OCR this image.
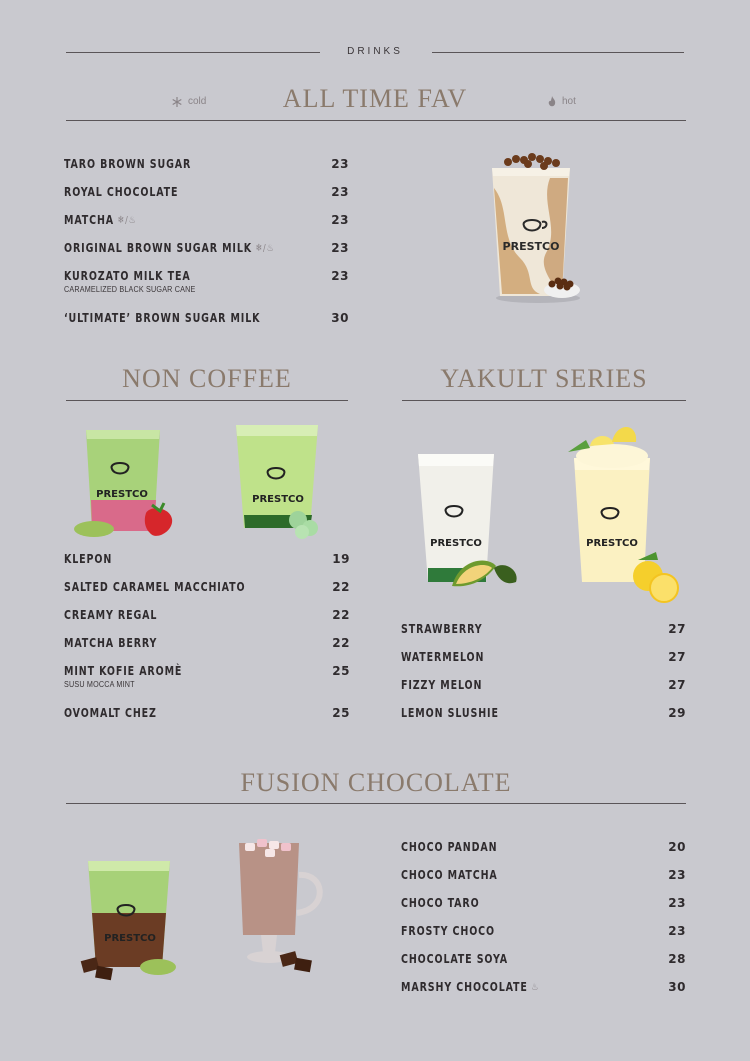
DRINKS
cold	ALL TIME FAV	hot
TARO BROWN SUGAR	23
ROYAL CHOCOLATE	23
MATCHA ❄/♨	23
ORIGINAL BROWN SUGAR MILK ❄/♨	23
KUROZATO MILK TEA	23
CARAMELIZED BLACK SUGAR CANE
‘ULTIMATE’ BROWN SUGAR MILK	30
PRESTCO
NON COFFEE
PRESTCO	PRESTCO
KLEPON	19
SALTED CARAMEL MACCHIATO	22
CREAMY REGAL	22
MATCHA BERRY	22
MINT KOFIE AROMÈ	25
SUSU MOCCA MINT
OVOMALT CHEZ	25
YAKULT SERIES
PRESTCO	PRESTCO
STRAWBERRY	27
WATERMELON	27
FIZZY MELON	27
LEMON SLUSHIE	29
FUSION CHOCOLATE
PRESTCO
CHOCO PANDAN	20
CHOCO MATCHA	23
CHOCO TARO	23
FROSTY CHOCO	23
CHOCOLATE SOYA	28
MARSHY CHOCOLATE ♨	30
